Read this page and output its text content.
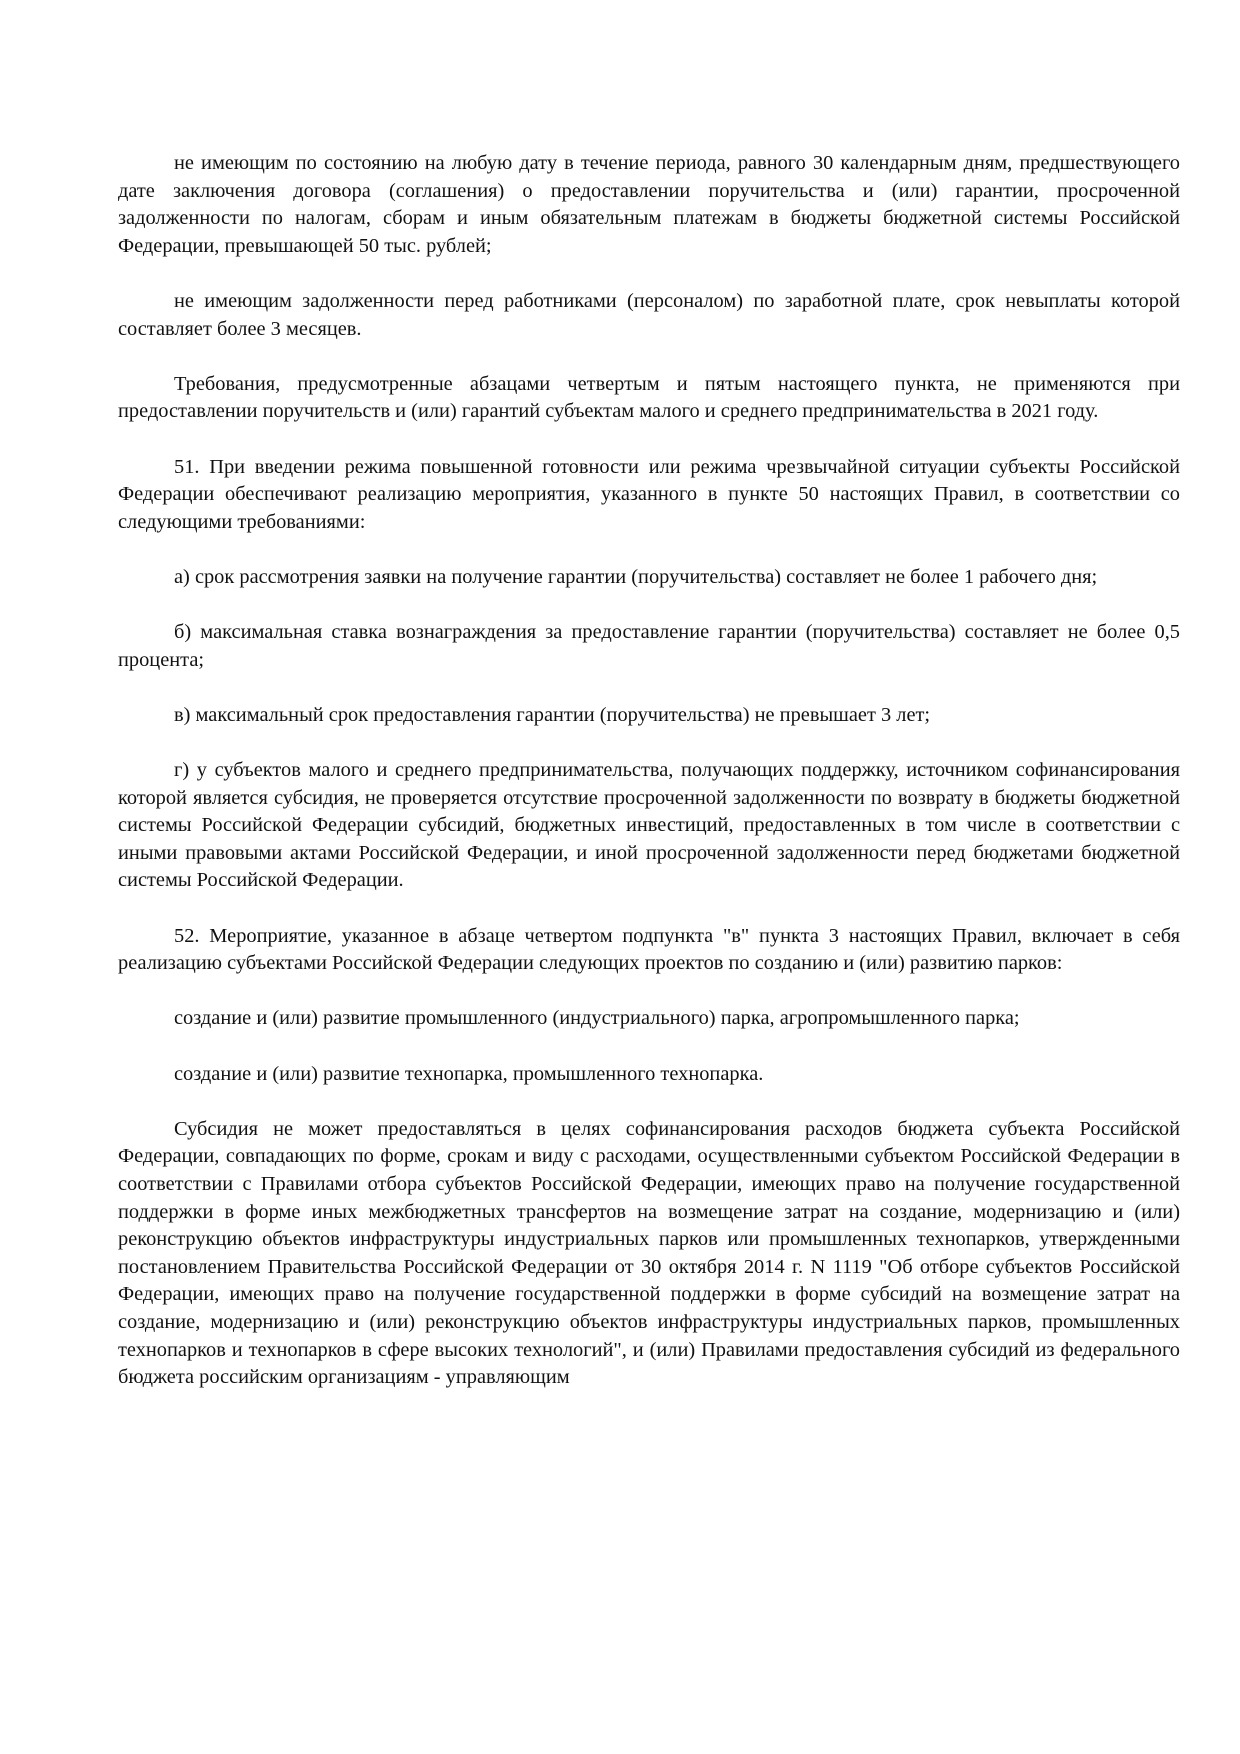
не имеющим по состоянию на любую дату в течение периода, равного 30 календарным дням, предшествующего дате заключения договора (соглашения) о предоставлении поручительства и (или) гарантии, просроченной задолженности по налогам, сборам и иным обязательным платежам в бюджеты бюджетной системы Российской Федерации, превышающей 50 тыс. рублей;

не имеющим задолженности перед работниками (персоналом) по заработной плате, срок невыплаты которой составляет более 3 месяцев.

Требования, предусмотренные абзацами четвертым и пятым настоящего пункта, не применяются при предоставлении поручительств и (или) гарантий субъектам малого и среднего предпринимательства в 2021 году.

51. При введении режима повышенной готовности или режима чрезвычайной ситуации субъекты Российской Федерации обеспечивают реализацию мероприятия, указанного в пункте 50 настоящих Правил, в соответствии со следующими требованиями:

а) срок рассмотрения заявки на получение гарантии (поручительства) составляет не более 1 рабочего дня;

б) максимальная ставка вознаграждения за предоставление гарантии (поручительства) составляет не более 0,5 процента;

в) максимальный срок предоставления гарантии (поручительства) не превышает 3 лет;

г) у субъектов малого и среднего предпринимательства, получающих поддержку, источником софинансирования которой является субсидия, не проверяется отсутствие просроченной задолженности по возврату в бюджеты бюджетной системы Российской Федерации субсидий, бюджетных инвестиций, предоставленных в том числе в соответствии с иными правовыми актами Российской Федерации, и иной просроченной задолженности перед бюджетами бюджетной системы Российской Федерации.

52. Мероприятие, указанное в абзаце четвертом подпункта "в" пункта 3 настоящих Правил, включает в себя реализацию субъектами Российской Федерации следующих проектов по созданию и (или) развитию парков:

создание и (или) развитие промышленного (индустриального) парка, агропромышленного парка;

создание и (или) развитие технопарка, промышленного технопарка.

Субсидия не может предоставляться в целях софинансирования расходов бюджета субъекта Российской Федерации, совпадающих по форме, срокам и виду с расходами, осуществленными субъектом Российской Федерации в соответствии с Правилами отбора субъектов Российской Федерации, имеющих право на получение государственной поддержки в форме иных межбюджетных трансфертов на возмещение затрат на создание, модернизацию и (или) реконструкцию объектов инфраструктуры индустриальных парков или промышленных технопарков, утвержденными постановлением Правительства Российской Федерации от 30 октября 2014 г. N 1119 "Об отборе субъектов Российской Федерации, имеющих право на получение государственной поддержки в форме субсидий на возмещение затрат на создание, модернизацию и (или) реконструкцию объектов инфраструктуры индустриальных парков, промышленных технопарков и технопарков в сфере высоких технологий", и (или) Правилами предоставления субсидий из федерального бюджета российским организациям - управляющим
